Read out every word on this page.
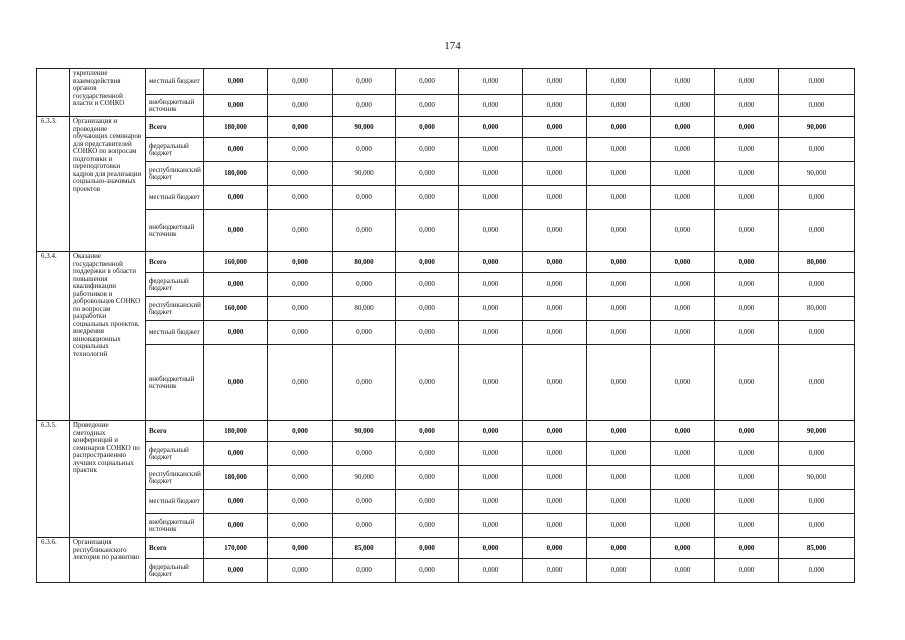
174
	укрепление взаимодействия органов государственной власти и СОНКО	местный бюджет	0,000	0,000	0,000	0,000	0,000	0,000	0,000	0,000	0,000	0,000
		внебюджетный источник	0,000	0,000	0,000	0,000	0,000	0,000	0,000	0,000	0,000	0,000
6.3.3.	Организация и проведение обучающих семинаров для представителей СОНКО по вопросам подготовки и переподготовки кадров для реализации социально-значимых проектов	Всего	180,000	0,000	90,000	0,000	0,000	0,000	0,000	0,000	0,000	90,000
		федеральный бюджет	0,000	0,000	0,000	0,000	0,000	0,000	0,000	0,000	0,000	0,000
		республиканский бюджет	180,000	0,000	90,000	0,000	0,000	0,000	0,000	0,000	0,000	90,000
		местный бюджет	0,000	0,000	0,000	0,000	0,000	0,000	0,000	0,000	0,000	0,000
		внебюджетный источник	0,000	0,000	0,000	0,000	0,000	0,000	0,000	0,000	0,000	0,000
6.3.4.	Оказание государственной поддержки в области повышения квалификации работников и добровольцев СОНКО по вопросам разработки социальных проектов, внедрения инновационных социальных технологий	Всего	160,000	0,000	80,000	0,000	0,000	0,000	0,000	0,000	0,000	80,000
		федеральный бюджет	0,000	0,000	0,000	0,000	0,000	0,000	0,000	0,000	0,000	0,000
		республиканский бюджет	160,000	0,000	80,000	0,000	0,000	0,000	0,000	0,000	0,000	80,000
		местный бюджет	0,000	0,000	0,000	0,000	0,000	0,000	0,000	0,000	0,000	0,000
		внебюджетный источник	0,000	0,000	0,000	0,000	0,000	0,000	0,000	0,000	0,000	0,000
6.3.5.	Проведение сметодных конференций и семинаров СОНКО по распространению лучших социальных практик	Всего	180,000	0,000	90,000	0,000	0,000	0,000	0,000	0,000	0,000	90,000
		федеральный бюджет	0,000	0,000	0,000	0,000	0,000	0,000	0,000	0,000	0,000	0,000
		республиканский бюджет	180,000	0,000	90,000	0,000	0,000	0,000	0,000	0,000	0,000	90,000
		местный бюджет	0,000	0,000	0,000	0,000	0,000	0,000	0,000	0,000	0,000	0,000
		внебюджетный источник	0,000	0,000	0,000	0,000	0,000	0,000	0,000	0,000	0,000	0,000
6.3.6.	Организация республиканского лектория по развитию	Всего	170,000	0,000	85,000	0,000	0,000	0,000	0,000	0,000	0,000	85,000
		федеральный бюджет	0,000	0,000	0,000	0,000	0,000	0,000	0,000	0,000	0,000	0,000
